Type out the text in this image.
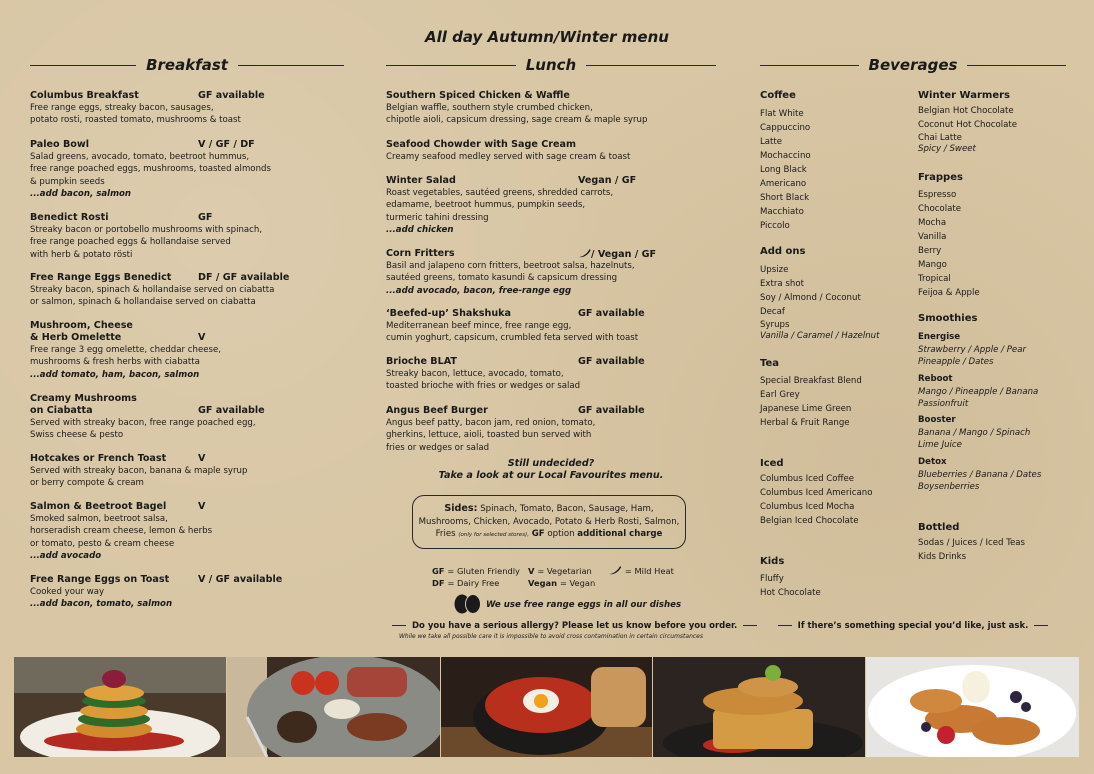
All day Autumn/Winter menu
Breakfast	Lunch	Beverages
Columbus Breakfast	GF available
Free range eggs, streaky bacon, sausages,
potato rosti, roasted tomato, mushrooms & toast
Paleo Bowl	V / GF / DF
Salad greens, avocado, tomato, beetroot hummus,
free range poached eggs, mushrooms, toasted almonds
& pumpkin seeds
...add bacon, salmon
Benedict Rosti	GF
Streaky bacon or portobello mushrooms with spinach,
free range poached eggs & hollandaise served
with herb & potato rösti
Free Range Eggs Benedict	DF / GF available
Streaky bacon, spinach & hollandaise served on ciabatta
or salmon, spinach & hollandaise served on ciabatta
Mushroom, Cheese
& Herb Omelette	V
Free range 3 egg omelette, cheddar cheese,
mushrooms & fresh herbs with ciabatta
...add tomato, ham, bacon, salmon
Creamy Mushrooms
on Ciabatta	GF available
Served with streaky bacon, free range poached egg,
Swiss cheese & pesto
Hotcakes or French Toast	V
Served with streaky bacon, banana & maple syrup
or berry compote & cream
Salmon & Beetroot Bagel	V
Smoked salmon, beetroot salsa,
horseradish cream cheese, lemon & herbs
or tomato, pesto & cream cheese
...add avocado
Free Range Eggs on Toast	V / GF available
Cooked your way
...add bacon, tomato, salmon
Southern Spiced Chicken & Waffle
Belgian waffle, southern style crumbed chicken,
chipotle aioli, capsicum dressing, sage cream & maple syrup
Seafood Chowder with Sage Cream
Creamy seafood medley served with sage cream & toast
Winter Salad	Vegan / GF
Roast vegetables, sautéed greens, shredded carrots,
edamame, beetroot hummus, pumpkin seeds,
turmeric tahini dressing
...add chicken
Corn Fritters	/ Vegan / GF
Basil and jalapeno corn fritters, beetroot salsa, hazelnuts,
sautéed greens, tomato kasundi & capsicum dressing
...add avocado, bacon, free-range egg
‘Beefed-up’ Shakshuka	GF available
Mediterranean beef mince, free range egg,
cumin yoghurt, capsicum, crumbled feta served with toast
Brioche BLAT	GF available
Streaky bacon, lettuce, avocado, tomato,
toasted brioche with fries or wedges or salad
Angus Beef Burger	GF available
Angus beef patty, bacon jam, red onion, tomato,
gherkins, lettuce, aioli, toasted bun served with
fries or wedges or salad
Still undecided?
Take a look at our Local Favourites menu.
Sides: Spinach, Tomato, Bacon, Sausage, Ham,
Mushrooms, Chicken, Avocado, Potato & Herb Rosti, Salmon,
Fries (only for selected stores), GF option additional charge
GF = Gluten Friendly V = Vegetarian	= Mild Heat
DF = Dairy Free	Vegan = Vegan
We use free range eggs in all our dishes
Do you have a serious allergy? Please let us know before you order.
While we take all possible care it is impossible to avoid cross contamination in certain circumstances
If there’s something special you’d like, just ask.
Coffee
Flat White
Cappuccino
Latte
Mochaccino
Long Black
Americano
Short Black
Macchiato
Piccolo
Add ons
Upsize
Extra shot
Soy / Almond / Coconut
Decaf
Syrups
Vanilla / Caramel / Hazelnut
Tea
Special Breakfast Blend
Earl Grey
Japanese Lime Green
Herbal & Fruit Range
Iced
Columbus Iced Coffee
Columbus Iced Americano
Columbus Iced Mocha
Belgian Iced Chocolate
Kids
Fluffy
Hot Chocolate
Winter Warmers
Belgian Hot Chocolate
Coconut Hot Chocolate
Chai Latte
Spicy / Sweet
Frappes
Espresso
Chocolate
Mocha
Vanilla
Berry
Mango
Tropical
Feijoa & Apple
Smoothies
Energise
Strawberry / Apple / Pear
Pineapple / Dates
Reboot
Mango / Pineapple / Banana
Passionfruit
Booster
Banana / Mango / Spinach
Lime Juice
Detox
Blueberries / Banana / Dates
Boysenberries
Bottled
Sodas / Juices / Iced Teas
Kids Drinks
